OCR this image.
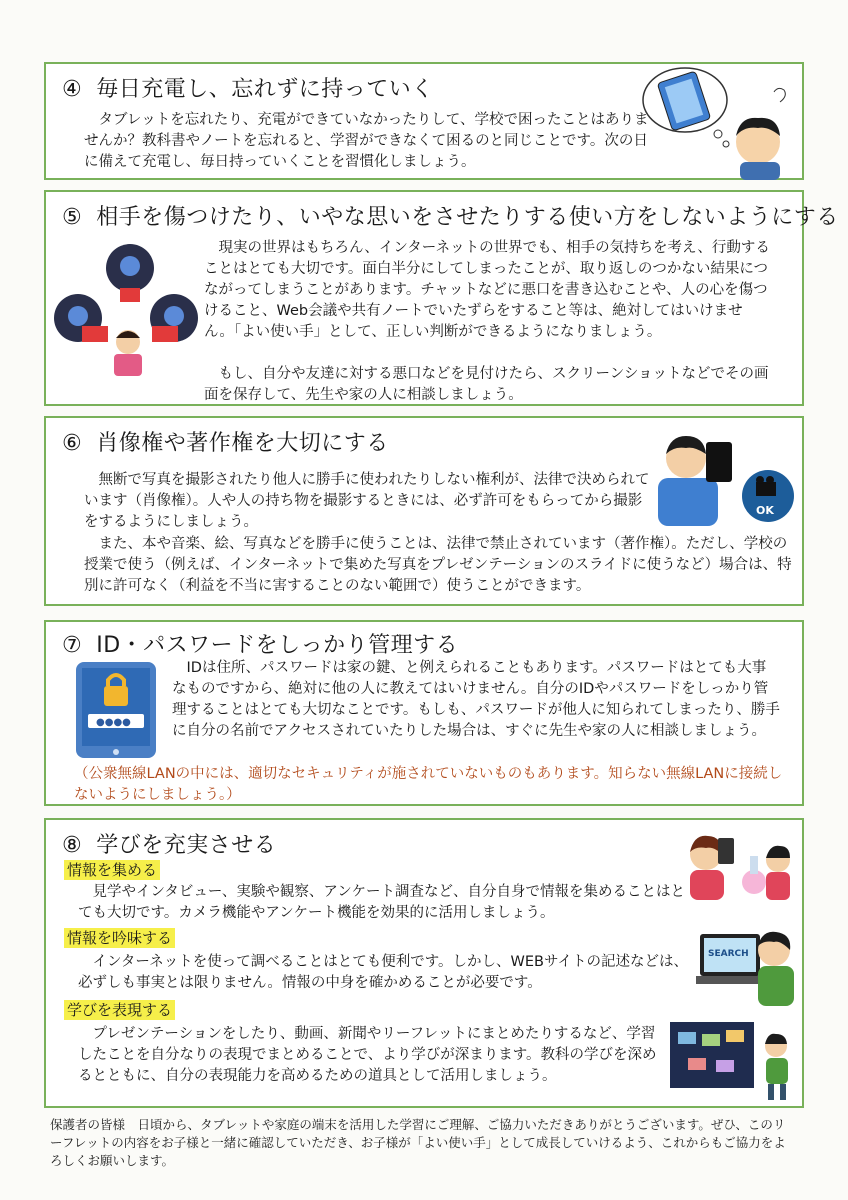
④ 毎日充電し、忘れずに持っていく
タブレットを忘れたり、充電ができていなかったりして、学校で困ったことはありませんか？教科書やノートを忘れると、学習ができなくて困るのと同じことです。次の日に備えて充電し、毎日持っていくことを習慣化しましょう。
⑤ 相手を傷つけたり、いやな思いをさせたりする使い方をしないようにする
現実の世界はもちろん、インターネットの世界でも、相手の気持ちを考え、行動することはとても大切です。面白半分にしてしまったことが、取り返しのつかない結果につながってしまうことがあります。チャットなどに悪口を書き込むことや、人の心を傷つけること、Web会議や共有ノートでいたずらをすること等は、絶対してはいけません。「よい使い手」として、正しい判断ができるようになりましょう。
もし、自分や友達に対する悪口などを見付けたら、スクリーンショットなどでその画面を保存して、先生や家の人に相談しましょう。
⑥ 肖像権や著作権を大切にする
無断で写真を撮影されたり他人に勝手に使われたりしない権利が、法律で決められています（肖像権）。人や人の持ち物を撮影するときには、必ず許可をもらってから撮影をするようにしましょう。
OK
また、本や音楽、絵、写真などを勝手に使うことは、法律で禁止されています（著作権）。ただし、学校の授業で使う（例えば、インターネットで集めた写真をプレゼンテーションのスライドに使うなど）場合は、特別に許可なく（利益を不当に害することのない範囲で）使うことができます。
⑦ ID・パスワードをしっかり管理する
●●●●
IDは住所、パスワードは家の鍵、と例えられることもあります。パスワードはとても大事なものですから、絶対に他の人に教えてはいけません。自分のIDやパスワードをしっかり管理することはとても大切なことです。もしも、パスワードが他人に知られてしまったり、勝手に自分の名前でアクセスされていたりした場合は、すぐに先生や家の人に相談しましょう。
（公衆無線LANの中には、適切なセキュリティが施されていないものもあります。知らない無線LANに接続しないようにしましょう。）
⑧ 学びを充実させる
情報を集める
見学やインタビュー、実験や観察、アンケート調査など、自分自身で情報を集めることはとても大切です。カメラ機能やアンケート機能を効果的に活用しましょう。
情報を吟味する
インターネットを使って調べることはとても便利です。しかし、WEBサイトの記述などは、必ずしも事実とは限りません。情報の中身を確かめることが必要です。
学びを表現する
プレゼンテーションをしたり、動画、新聞やリーフレットにまとめたりするなど、学習したことを自分なりの表現でまとめることで、より学びが深まります。教科の学びを深めるとともに、自分の表現能力を高めるための道具として活用しましょう。
SEARCH
保護者の皆様　日頃から、タブレットや家庭の端末を活用した学習にご理解、ご協力いただきありがとうございます。ぜひ、このリーフレットの内容をお子様と一緒に確認していただき、お子様が「よい使い手」として成長していけるよう、これからもご協力をよろしくお願いします。
